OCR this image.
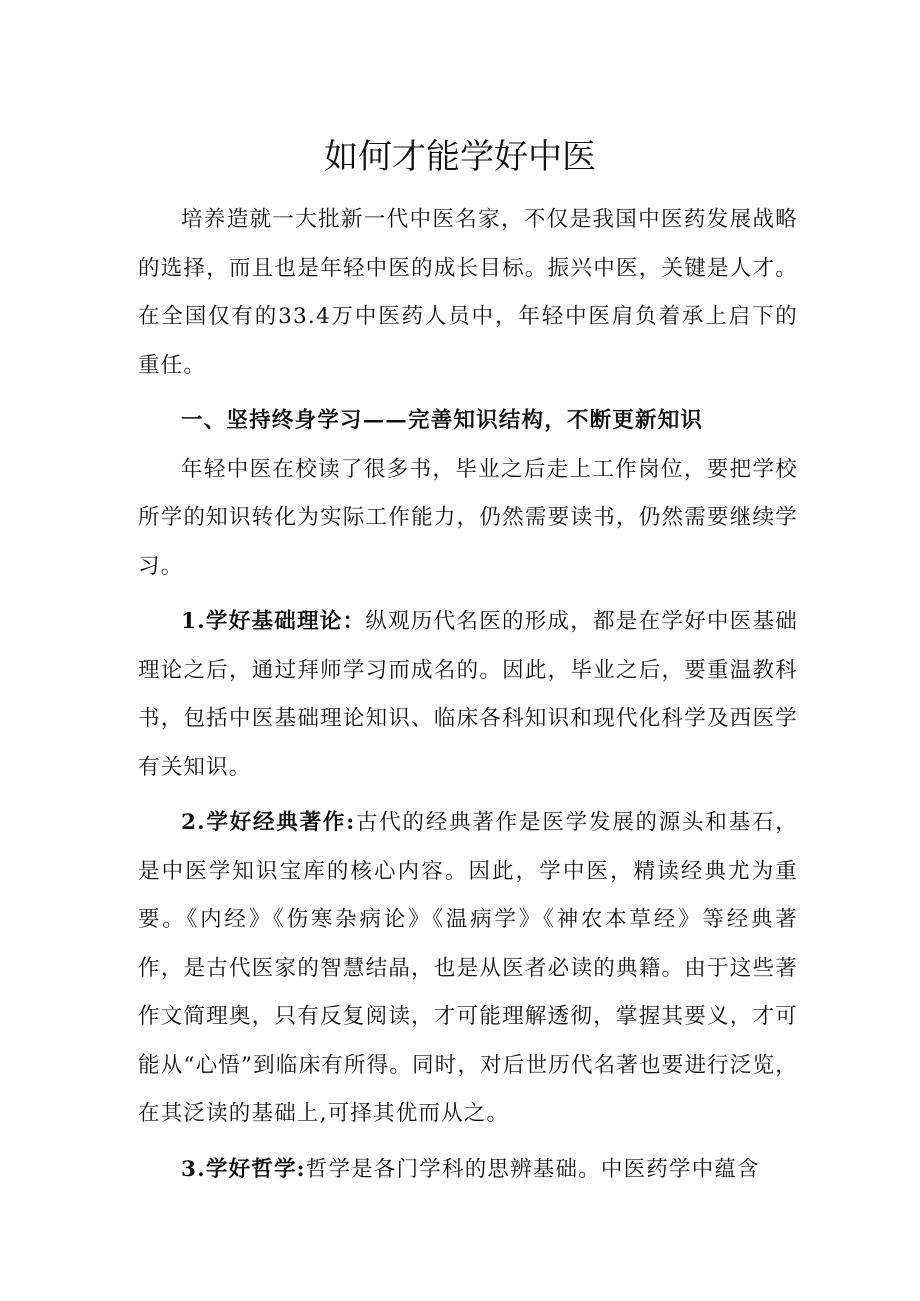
如何才能学好中医

培养造就一大批新一代中医名家，不仅是我国中医药发展战略的选择，而且也是年轻中医的成长目标。振兴中医，关键是人才。在全国仅有的33.4万中医药人员中，年轻中医肩负着承上启下的重任。

一、坚持终身学习——完善知识结构，不断更新知识

年轻中医在校读了很多书，毕业之后走上工作岗位，要把学校所学的知识转化为实际工作能力，仍然需要读书，仍然需要继续学习。

1.学好基础理论：纵观历代名医的形成，都是在学好中医基础理论之后，通过拜师学习而成名的。因此，毕业之后，要重温教科书，包括中医基础理论知识、临床各科知识和现代化科学及西医学有关知识。

2.学好经典著作:古代的经典著作是医学发展的源头和基石，是中医学知识宝库的核心内容。因此，学中医，精读经典尤为重要。《内经》《伤寒杂病论》《温病学》《神农本草经》等经典著作，是古代医家的智慧结晶，也是从医者必读的典籍。由于这些著作文简理奥，只有反复阅读，才可能理解透彻，掌握其要义，才可能从“心悟”到临床有所得。同时，对后世历代名著也要进行泛览，在其泛读的基础上,可择其优而从之。

3.学好哲学:哲学是各门学科的思辨基础。中医药学中蕴含
